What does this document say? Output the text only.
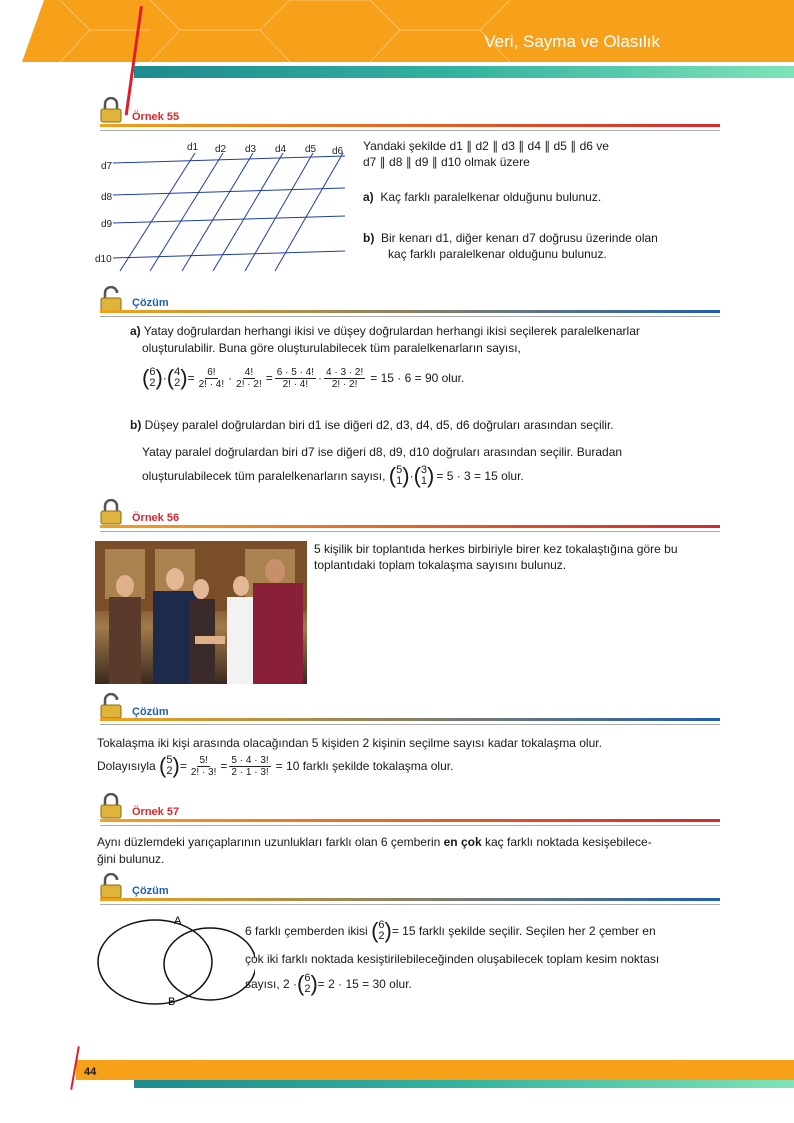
Veri, Sayma ve Olasılık
Örnek 55
d1 d2 d3 d4 d5 d6
d7
d8
d9
d10
Yandaki şekilde d1 ∥ d2 ∥ d3 ∥ d4 ∥ d5 ∥ d6 ve
d7 ∥ d8 ∥ d9 ∥ d10 olmak üzere
a) Kaç farklı paralelkenar olduğunu bulunuz.
b) Bir kenarı d1, diğer kenarı d7 doğrusu üzerinde olan
kaç farklı paralelkenar olduğunu bulunuz.
Çözüm
a) Yatay doğrulardan herhangi ikisi ve düşey doğrulardan herhangi ikisi seçilerek paralelkenarlar
oluşturulabilir. Buna göre oluşturulabilecek tüm paralelkenarların sayısı,
( 6
2 ) · ( 4
2 ) = $\frac{6!}{2! \cdot 4!} \cdot \frac{4!}{2! \cdot 2!} = \frac{6 \cdot 5 \cdot 4!}{2! \cdot 4!} \cdot \frac{4 \cdot 3 \cdot 2!}{2! \cdot 2!} = 15 \cdot 6 = 90$ olur.
b) Düşey paralel doğrulardan biri d1 ise diğeri d2, d3, d4, d5, d6 doğruları arasından seçilir.
Yatay paralel doğrulardan biri d7 ise diğeri d8, d9, d10 doğruları arasından seçilir. Buradan
oluşturulabilecek tüm paralelkenarların sayısı,
( 5
1 ) · ( 3
1 ) = 5 · 3 = 15 olur.
Örnek 56
5 kişilik bir toplantıda herkes birbiriyle birer kez tokalaştığına göre bu
toplantıdaki toplam tokalaşma sayısını bulunuz.
Çözüm
Tokalaşma iki kişi arasında olacağından 5 kişiden 2 kişinin seçilme sayısı kadar tokalaşma olur.
Dolayısıyla
( 5
2 ) = $\frac{5!}{2! \cdot 3!} = \frac{5 \cdot 4 \cdot 3!}{2 \cdot 1 \cdot 3!} = 10$ farklı şekilde tokalaşma olur.
Örnek 57
Aynı düzlemdeki yarıçaplarının uzunlukları farklı olan 6 çemberin en çok kaç farklı noktada kesişebilece-
ğini bulunuz.
Çözüm
A
B
6 farklı çemberden ikisi
( 6
2 ) = 15 farklı şekilde seçilir. Seçilen her 2 çember en
çok iki farklı noktada kesiştirilebileceğinden oluşabilecek toplam kesim noktası
sayısı, 2 · ( 6
2 ) = 2 · 15 = 30 olur.
44
